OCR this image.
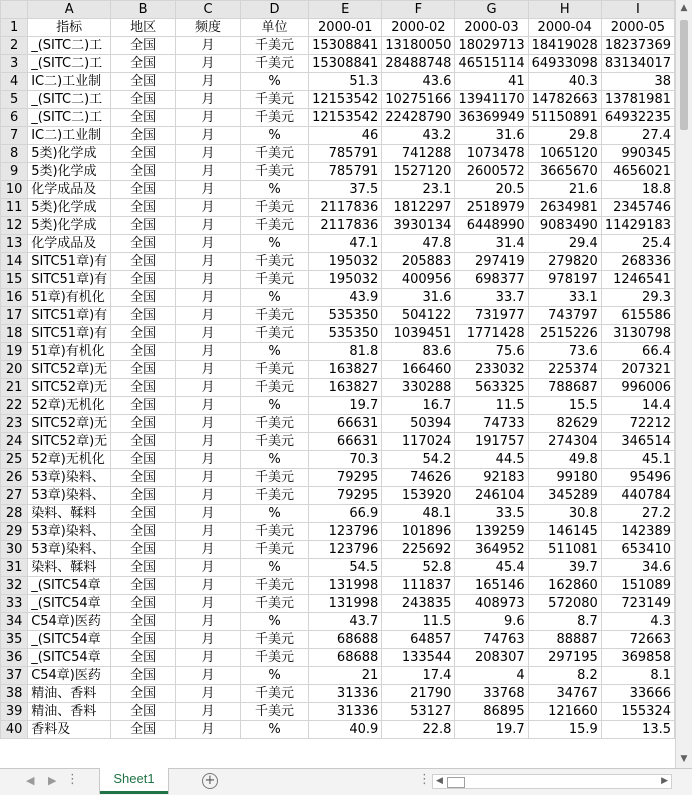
	A	B	C	D	E	F	G	H	I
1	指标	地区	频度	单位	2000-01	2000-02	2000-03	2000-04	2000-05
2	_(SITC二)工	全国	月	千美元	15308841	13180050	18029713	18419028	18237369
3	_(SITC二)工	全国	月	千美元	15308841	28488748	46515114	64933098	83134017
4	IC二)工业制	全国	月	%	51.3	43.6	41	40.3	38
5	_(SITC二)工	全国	月	千美元	12153542	10275166	13941170	14782663	13781981
6	_(SITC二)工	全国	月	千美元	12153542	22428790	36369949	51150891	64932235
7	IC二)工业制	全国	月	%	46	43.2	31.6	29.8	27.4
8	5类)化学成	全国	月	千美元	785791	741288	1073478	1065120	990345
9	5类)化学成	全国	月	千美元	785791	1527120	2600572	3665670	4656021
10	化学成品及	全国	月	%	37.5	23.1	20.5	21.6	18.8
11	5类)化学成	全国	月	千美元	2117836	1812297	2518979	2634981	2345746
12	5类)化学成	全国	月	千美元	2117836	3930134	6448990	9083490	11429183
13	化学成品及	全国	月	%	47.1	47.8	31.4	29.4	25.4
14	SITC51章)有	全国	月	千美元	195032	205883	297419	279820	268336
15	SITC51章)有	全国	月	千美元	195032	400956	698377	978197	1246541
16	51章)有机化	全国	月	%	43.9	31.6	33.7	33.1	29.3
17	SITC51章)有	全国	月	千美元	535350	504122	731977	743797	615586
18	SITC51章)有	全国	月	千美元	535350	1039451	1771428	2515226	3130798
19	51章)有机化	全国	月	%	81.8	83.6	75.6	73.6	66.4
20	SITC52章)无	全国	月	千美元	163827	166460	233032	225374	207321
21	SITC52章)无	全国	月	千美元	163827	330288	563325	788687	996006
22	52章)无机化	全国	月	%	19.7	16.7	11.5	15.5	14.4
23	SITC52章)无	全国	月	千美元	66631	50394	74733	82629	72212
24	SITC52章)无	全国	月	千美元	66631	117024	191757	274304	346514
25	52章)无机化	全国	月	%	70.3	54.2	44.5	49.8	45.1
26	53章)染料、	全国	月	千美元	79295	74626	92183	99180	95496
27	53章)染料、	全国	月	千美元	79295	153920	246104	345289	440784
28	染料、鞣料	全国	月	%	66.9	48.1	33.5	30.8	27.2
29	53章)染料、	全国	月	千美元	123796	101896	139259	146145	142389
30	53章)染料、	全国	月	千美元	123796	225692	364952	511081	653410
31	染料、鞣料	全国	月	%	54.5	52.8	45.4	39.7	34.6
32	_(SITC54章	全国	月	千美元	131998	111837	165146	162860	151089
33	_(SITC54章	全国	月	千美元	131998	243835	408973	572080	723149
34	C54章)医药	全国	月	%	43.7	11.5	9.6	8.7	4.3
35	_(SITC54章	全国	月	千美元	68688	64857	74763	88887	72663
36	_(SITC54章	全国	月	千美元	68688	133544	208307	297195	369858
37	C54章)医药	全国	月	%	21	17.4	4	8.2	8.1
38	精油、香料	全国	月	千美元	31336	21790	33768	34767	33666
39	精油、香料	全国	月	千美元	31336	53127	86895	121660	155324
40	香料及	全国	月	%	40.9	22.8	19.7	15.9	13.5
▲
▼
◀ ▶ ⋮	Sheet1	+	⋮ ◀	▶
